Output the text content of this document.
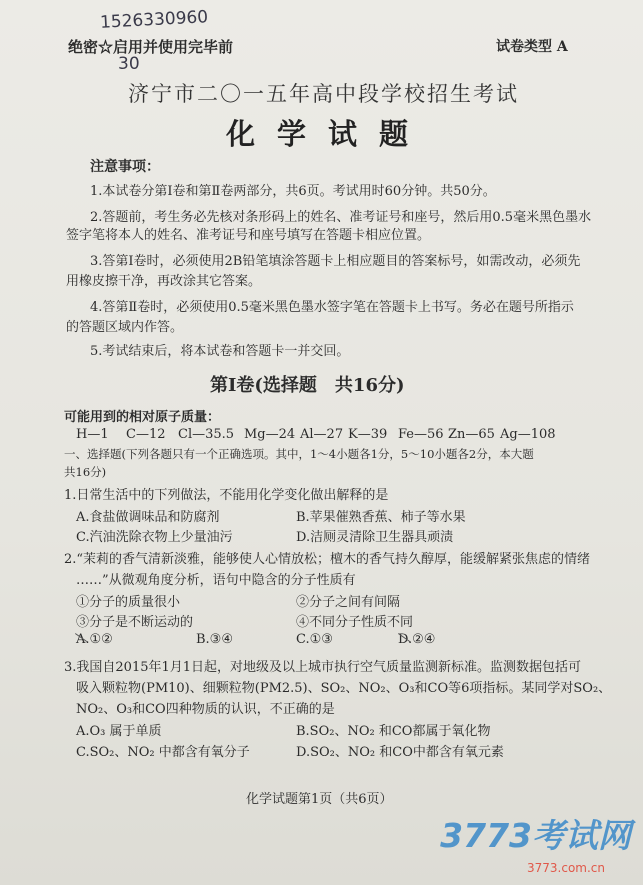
1526330960
30
绝密☆启用并使用完毕前	试卷类型 A
济宁市二〇一五年高中段学校招生考试
化学试题
注意事项：
1.本试卷分第Ⅰ卷和第Ⅱ卷两部分，共6页。考试用时60分钟。共50分。
2.答题前，考生务必先核对条形码上的姓名、准考证号和座号，然后用0.5毫米黑色墨水
签字笔将本人的姓名、准考证号和座号填写在答题卡相应位置。
3.答第Ⅰ卷时，必须使用2B铅笔填涂答题卡上相应题目的答案标号，如需改动，必须先
用橡皮擦干净，再改涂其它答案。
4.答第Ⅱ卷时，必须使用0.5毫米黑色墨水签字笔在答题卡上书写。务必在题号所指示
的答题区域内作答。
5.考试结束后，将本试卷和答题卡一并交回。
第Ⅰ卷(选择题　共16分)
可能用到的相对原子质量：
H—1 C—12 Cl—35.5 Mg—24 Al—27 K—39 Fe—56 Zn—65 Ag—108
一、选择题(下列各题只有一个正确选项。其中，1～4小题各1分，5～10小题各2分，本大题
共16分)
1.日常生活中的下列做法，不能用化学变化做出解释的是
A.食盐做调味品和防腐剂	B.苹果催熟香蕉、柿子等水果
C.汽油洗除衣物上少量油污	D.洁厕灵清除卫生器具顽渍
2.“茉莉的香气清新淡雅，能够使人心情放松；檀木的香气持久醇厚，能缓解紧张焦虑的情绪
……”从微观角度分析，语句中隐含的分子性质有
①分子的质量很小	②分子之间有间隔
③分子是不断运动的	④不同分子性质不同
A.①②	B.③④	C.①③	D.②④
3.我国自2015年1月1日起，对地级及以上城市执行空气质量监测新标准。监测数据包括可
吸入颗粒物(PM10)、细颗粒物(PM2.5)、SO₂、NO₂、O₃和CO等6项指标。某同学对SO₂、
NO₂、O₃和CO四种物质的认识，不正确的是
A.O₃ 属于单质	B.SO₂、NO₂ 和CO都属于氧化物
C.SO₂、NO₂ 中都含有氧分子	D.SO₂、NO₂ 和CO中都含有氧元素
化学试题第1页（共6页）
3773考试网
3773.com.cn
